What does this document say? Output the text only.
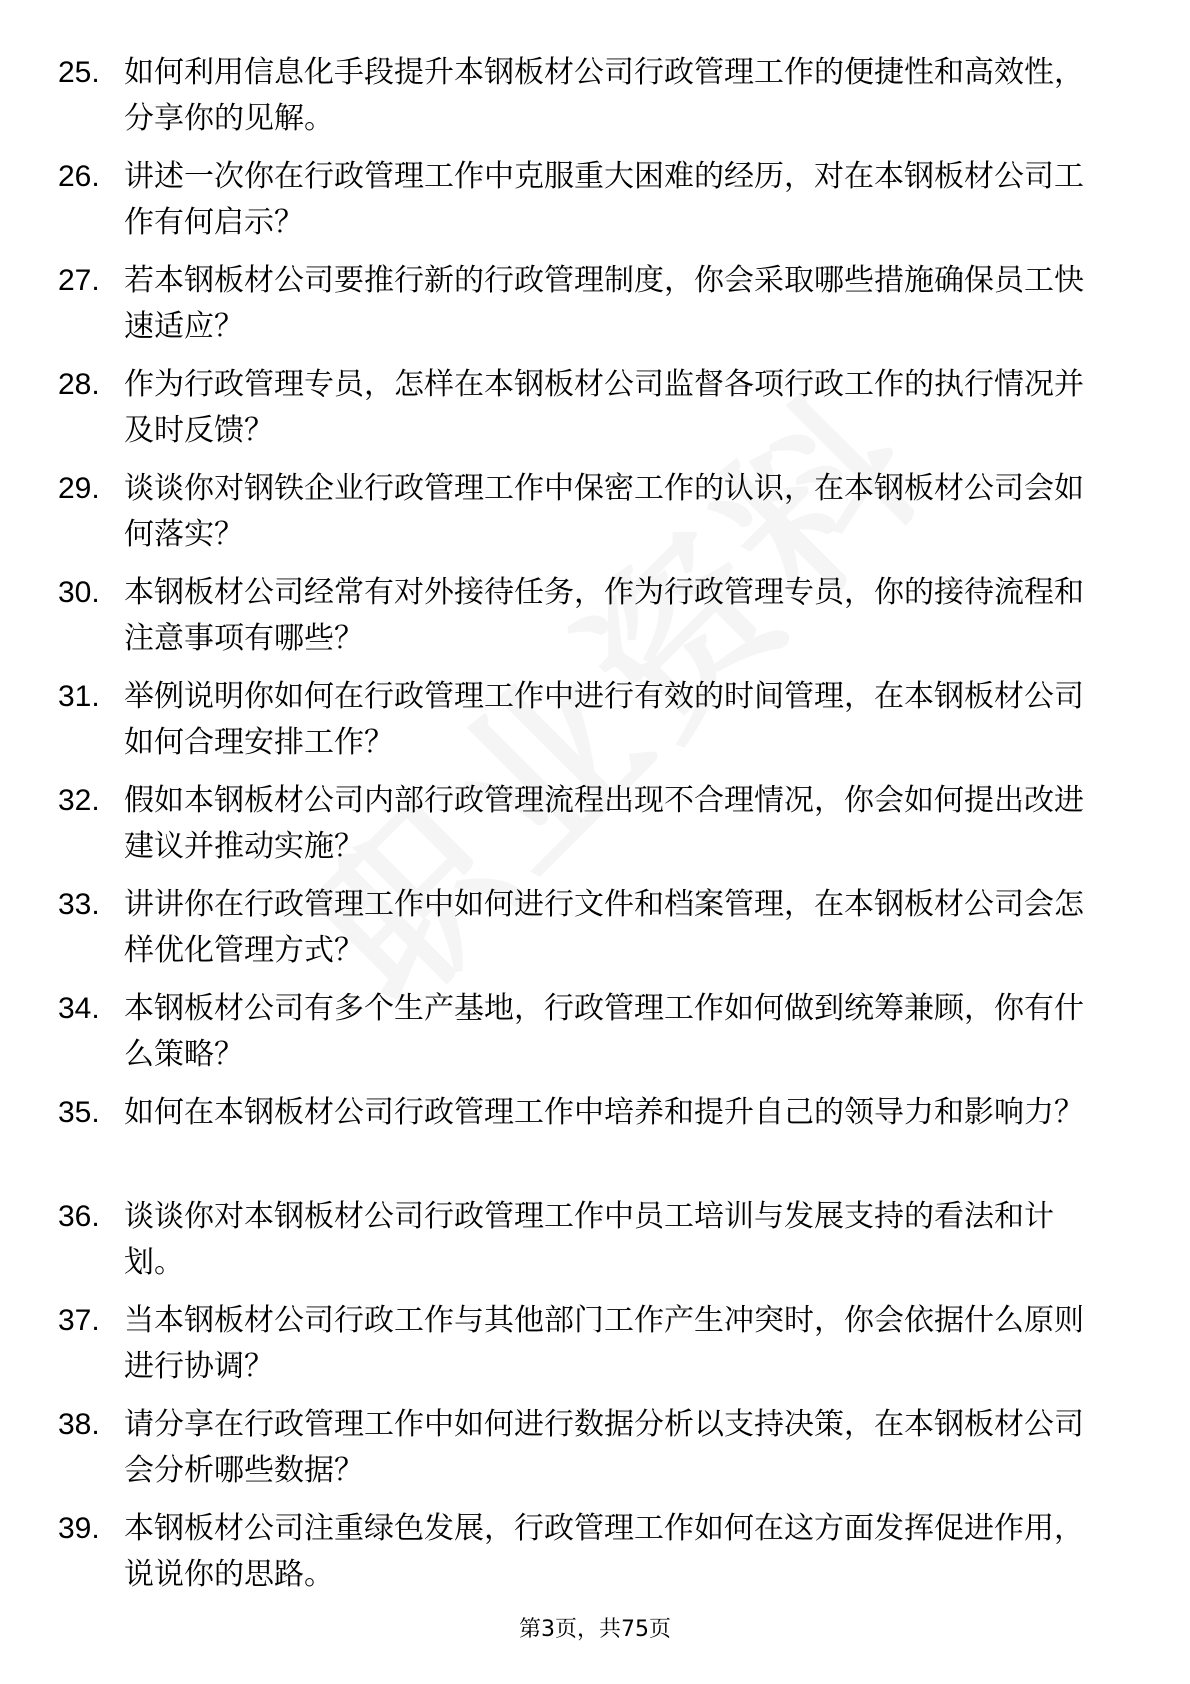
25. 如何利用信息化手段提升本钢板材公司行政管理工作的便捷性和高效性，分享你的见解。
26. 讲述一次你在行政管理工作中克服重大困难的经历，对在本钢板材公司工作有何启示？
27. 若本钢板材公司要推行新的行政管理制度，你会采取哪些措施确保员工快速适应？
28. 作为行政管理专员，怎样在本钢板材公司监督各项行政工作的执行情况并及时反馈？
29. 谈谈你对钢铁企业行政管理工作中保密工作的认识，在本钢板材公司会如何落实？
30. 本钢板材公司经常有对外接待任务，作为行政管理专员，你的接待流程和注意事项有哪些？
31. 举例说明你如何在行政管理工作中进行有效的时间管理，在本钢板材公司如何合理安排工作？
32. 假如本钢板材公司内部行政管理流程出现不合理情况，你会如何提出改进建议并推动实施？
33. 讲讲你在行政管理工作中如何进行文件和档案管理，在本钢板材公司会怎样优化管理方式？
34. 本钢板材公司有多个生产基地，行政管理工作如何做到统筹兼顾，你有什么策略？
35. 如何在本钢板材公司行政管理工作中培养和提升自己的领导力和影响力？
36. 谈谈你对本钢板材公司行政管理工作中员工培训与发展支持的看法和计划。
37. 当本钢板材公司行政工作与其他部门工作产生冲突时，你会依据什么原则进行协调？
38. 请分享在行政管理工作中如何进行数据分析以支持决策，在本钢板材公司会分析哪些数据？
39. 本钢板材公司注重绿色发展，行政管理工作如何在这方面发挥促进作用，说说你的思路。
第3页，共75页
